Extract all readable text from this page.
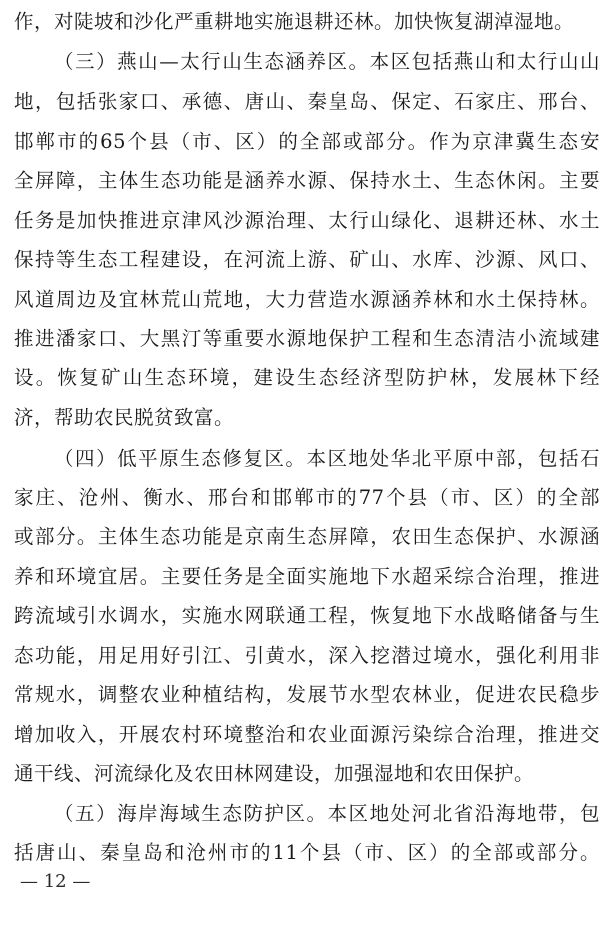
作，对陡坡和沙化严重耕地实施退耕还林。加快恢复湖淖湿地。
（三）燕山—太行山生态涵养区。本区包括燕山和太行山山
地，包括张家口、承德、唐山、秦皇岛、保定、石家庄、邢台、
邯郸市的65个县（市、区）的全部或部分。作为京津冀生态安
全屏障，主体生态功能是涵养水源、保持水土、生态休闲。主要
任务是加快推进京津风沙源治理、太行山绿化、退耕还林、水土
保持等生态工程建设，在河流上游、矿山、水库、沙源、风口、
风道周边及宜林荒山荒地，大力营造水源涵养林和水土保持林。
推进潘家口、大黑汀等重要水源地保护工程和生态清洁小流域建
设。恢复矿山生态环境，建设生态经济型防护林，发展林下经
济，帮助农民脱贫致富。
（四）低平原生态修复区。本区地处华北平原中部，包括石
家庄、沧州、衡水、邢台和邯郸市的77个县（市、区）的全部
或部分。主体生态功能是京南生态屏障，农田生态保护、水源涵
养和环境宜居。主要任务是全面实施地下水超采综合治理，推进
跨流域引水调水，实施水网联通工程，恢复地下水战略储备与生
态功能，用足用好引江、引黄水，深入挖潜过境水，强化利用非
常规水，调整农业种植结构，发展节水型农林业，促进农民稳步
增加收入，开展农村环境整治和农业面源污染综合治理，推进交
通干线、河流绿化及农田林网建设，加强湿地和农田保护。
（五）海岸海域生态防护区。本区地处河北省沿海地带，包
括唐山、秦皇岛和沧州市的11个县（市、区）的全部或部分。
— 12 —
